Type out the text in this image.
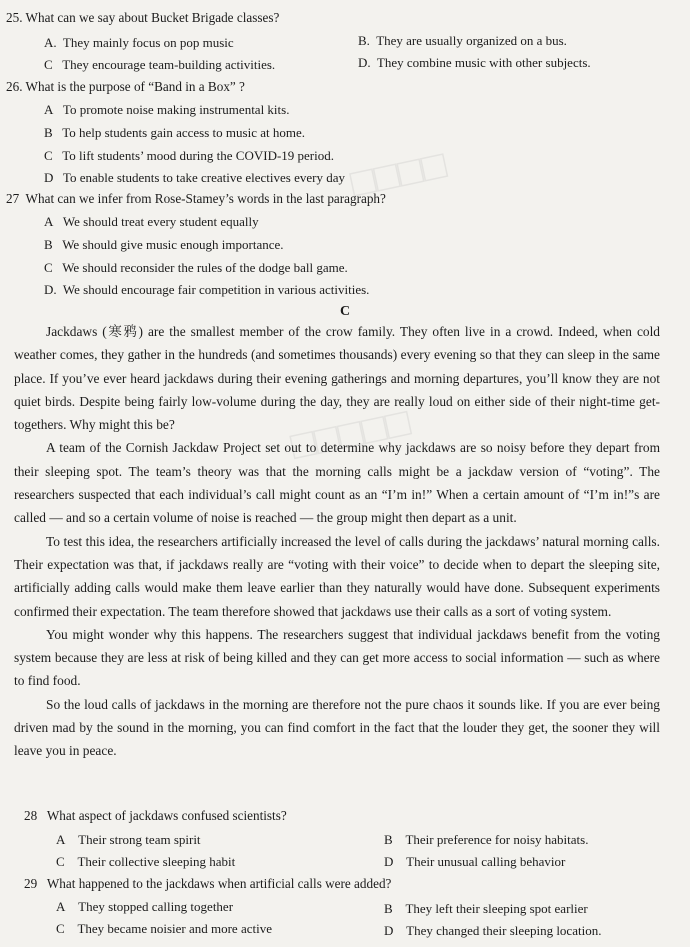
□□□□
□□□□□
25. What can we say about Bucket Brigade classes?
A. They mainly focus on pop music	B. They are usually organized on a bus.
C They encourage team-building activities.	D. They combine music with other subjects.
26. What is the purpose of “Band in a Box” ?
A To promote noise making instrumental kits.
B To help students gain access to music at home.
C To lift students’ mood during the COVID-19 period.
D To enable students to take creative electives every day
27 What can we infer from Rose-Stamey’s words in the last paragraph?
A We should treat every student equally
B We should give music enough importance.
C We should reconsider the rules of the dodge ball game.
D. We should encourage fair competition in various activities.
C

Jackdaws (寒鸦) are the smallest member of the crow family. They often live in a crowd. Indeed, when cold weather comes, they gather in the hundreds (and sometimes thousands) every evening so that they can sleep in the same place. If you’ve ever heard jackdaws during their evening gatherings and morning departures, you’ll know they are not quiet birds. Despite being fairly low-volume during the day, they are really loud on either side of their night-time get-togethers. Why might this be?

A team of the Cornish Jackdaw Project set out to determine why jackdaws are so noisy before they depart from their sleeping spot. The team’s theory was that the morning calls might be a jackdaw version of “voting”. The researchers suspected that each individual’s call might count as an “I’m in!” When a certain amount of “I’m in!”s are called — and so a certain volume of noise is reached — the group might then depart as a unit.

To test this idea, the researchers artificially increased the level of calls during the jackdaws’ natural morning calls. Their expectation was that, if jackdaws really are “voting with their voice” to decide when to depart the sleeping site, artificially adding calls would make them leave earlier than they naturally would have done. Subsequent experiments confirmed their expectation. The team therefore showed that jackdaws use their calls as a sort of voting system.

You might wonder why this happens. The researchers suggest that individual jackdaws benefit from the voting system because they are less at risk of being killed and they can get more access to social information — such as where to find food.

So the loud calls of jackdaws in the morning are therefore not the pure chaos it sounds like. If you are ever being driven mad by the sound in the morning, you can find comfort in the fact that the louder they get, the sooner they will leave you in peace.

28 What aspect of jackdaws confused scientists?
A Their strong team spirit	B Their preference for noisy habitats.
C Their collective sleeping habit	D Their unusual calling behavior
29 What happened to the jackdaws when artificial calls were added?
A They stopped calling together	B They left their sleeping spot earlier
C They became noisier and more active	D They changed their sleeping location.
